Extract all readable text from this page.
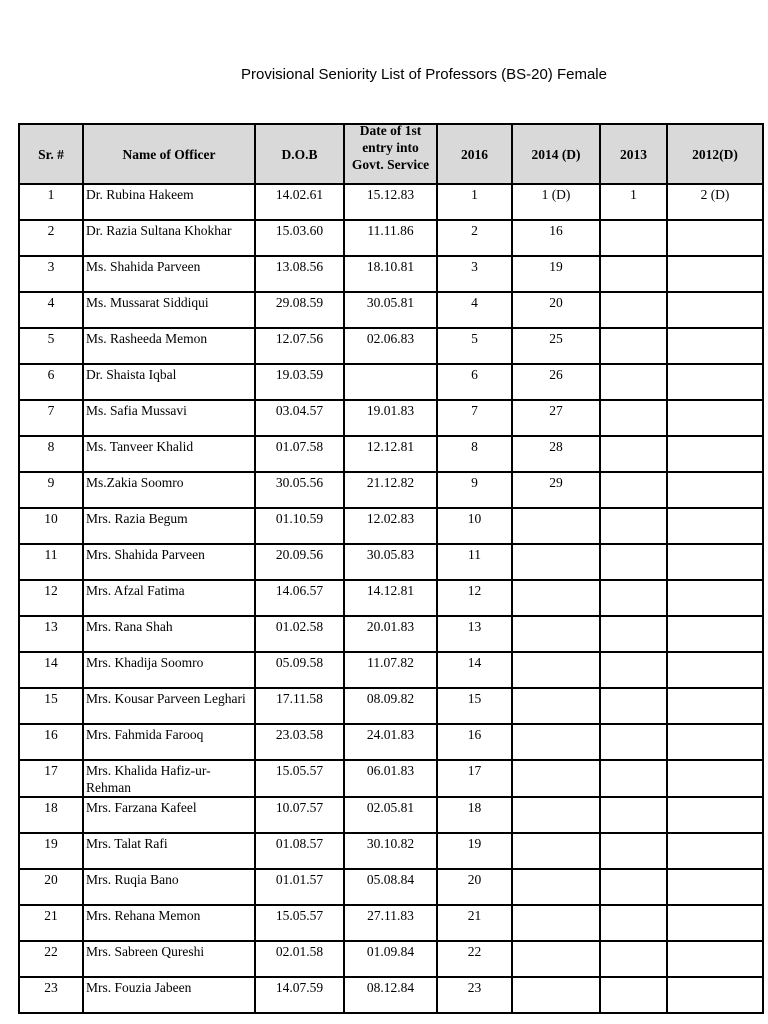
Provisional Seniority List of Professors (BS-20) Female
Sr. #	Name of Officer	D.O.B	Date of 1st entry into Govt. Service	2016	2014 (D)	2013	2012(D)
1	Dr. Rubina Hakeem	14.02.61	15.12.83	1	1 (D)	1	2 (D)
2	Dr. Razia Sultana Khokhar	15.03.60	11.11.86	2	16		
3	Ms. Shahida Parveen	13.08.56	18.10.81	3	19		
4	Ms. Mussarat Siddiqui	29.08.59	30.05.81	4	20		
5	Ms. Rasheeda Memon	12.07.56	02.06.83	5	25		
6	Dr. Shaista Iqbal	19.03.59		6	26		
7	Ms. Safia Mussavi	03.04.57	19.01.83	7	27		
8	Ms. Tanveer Khalid	01.07.58	12.12.81	8	28		
9	Ms.Zakia Soomro	30.05.56	21.12.82	9	29		
10	Mrs. Razia Begum	01.10.59	12.02.83	10			
11	Mrs. Shahida Parveen	20.09.56	30.05.83	11			
12	Mrs. Afzal Fatima	14.06.57	14.12.81	12			
13	Mrs. Rana Shah	01.02.58	20.01.83	13			
14	Mrs. Khadija Soomro	05.09.58	11.07.82	14			
15	Mrs. Kousar Parveen Leghari	17.11.58	08.09.82	15			
16	Mrs. Fahmida Farooq	23.03.58	24.01.83	16			
17	Mrs. Khalida Hafiz-ur-Rehman	15.05.57	06.01.83	17			
18	Mrs. Farzana Kafeel	10.07.57	02.05.81	18			
19	Mrs. Talat Rafi	01.08.57	30.10.82	19			
20	Mrs. Ruqia Bano	01.01.57	05.08.84	20			
21	Mrs. Rehana Memon	15.05.57	27.11.83	21			
22	Mrs. Sabreen Qureshi	02.01.58	01.09.84	22			
23	Mrs. Fouzia Jabeen	14.07.59	08.12.84	23			
